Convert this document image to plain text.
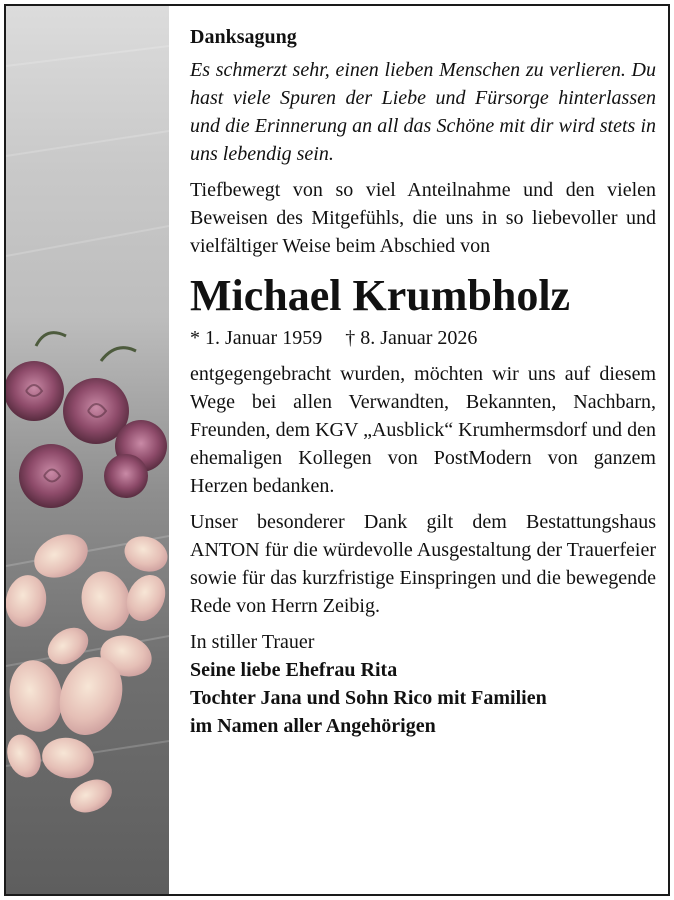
Danksagung

Es schmerzt sehr, einen lieben Menschen zu verlieren. Du hast viele Spuren der Liebe und Fürsorge hinterlassen und die Erinnerung an all das Schöne mit dir wird stets in uns lebendig sein.

Tiefbewegt von so viel Anteilnahme und den vielen Beweisen des Mitgefühls, die uns in so liebevoller und vielfältiger Weise beim Abschied von

Michael Krumbholz
* 1. Januar 1959 † 8. Januar 2026

entgegengebracht wurden, möchten wir uns auf diesem Wege bei allen Verwandten, Bekannten, Nachbarn, Freunden, dem KGV „Ausblick“ Krumhermsdorf und den ehemaligen Kollegen von PostModern von ganzem Herzen bedanken.

Unser besonderer Dank gilt dem Bestattungshaus ANTON für die würdevolle Ausgestaltung der Trauerfeier sowie für das kurzfristige Einspringen und die bewegende Rede von Herrn Zeibig.

In stiller Trauer

Seine liebe Ehefrau Rita

Tochter Jana und Sohn Rico mit Familien

im Namen aller Angehörigen
